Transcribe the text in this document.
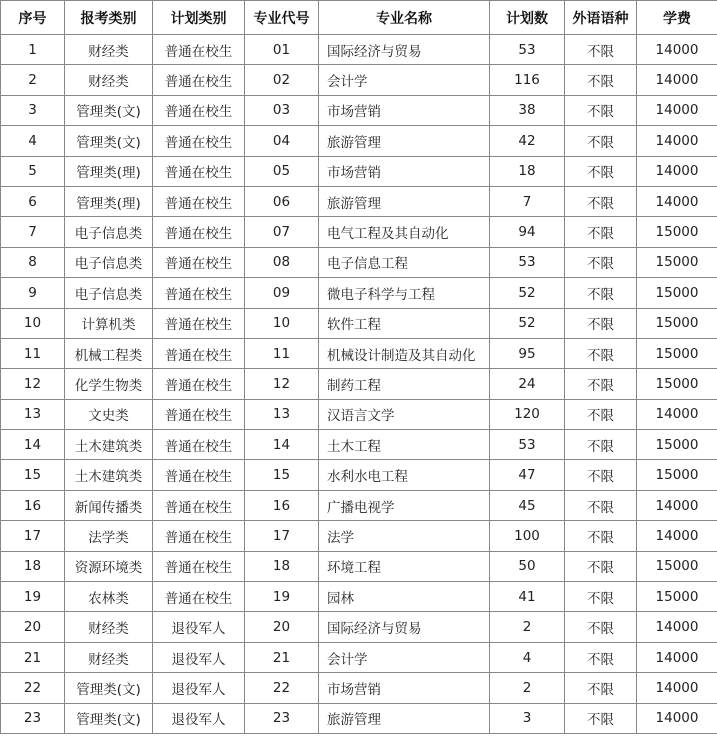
序号	报考类别	计划类别	专业代号	专业名称	计划数	外语语种	学费
1	财经类	普通在校生	01	国际经济与贸易	53	不限	14000
2	财经类	普通在校生	02	会计学	116	不限	14000
3	管理类(文)	普通在校生	03	市场营销	38	不限	14000
4	管理类(文)	普通在校生	04	旅游管理	42	不限	14000
5	管理类(理)	普通在校生	05	市场营销	18	不限	14000
6	管理类(理)	普通在校生	06	旅游管理	7	不限	14000
7	电子信息类	普通在校生	07	电气工程及其自动化	94	不限	15000
8	电子信息类	普通在校生	08	电子信息工程	53	不限	15000
9	电子信息类	普通在校生	09	微电子科学与工程	52	不限	15000
10	计算机类	普通在校生	10	软件工程	52	不限	15000
11	机械工程类	普通在校生	11	机械设计制造及其自动化	95	不限	15000
12	化学生物类	普通在校生	12	制药工程	24	不限	15000
13	文史类	普通在校生	13	汉语言文学	120	不限	14000
14	土木建筑类	普通在校生	14	土木工程	53	不限	15000
15	土木建筑类	普通在校生	15	水利水电工程	47	不限	15000
16	新闻传播类	普通在校生	16	广播电视学	45	不限	14000
17	法学类	普通在校生	17	法学	100	不限	14000
18	资源环境类	普通在校生	18	环境工程	50	不限	15000
19	农林类	普通在校生	19	园林	41	不限	15000
20	财经类	退役军人	20	国际经济与贸易	2	不限	14000
21	财经类	退役军人	21	会计学	4	不限	14000
22	管理类(文)	退役军人	22	市场营销	2	不限	14000
23	管理类(文)	退役军人	23	旅游管理	3	不限	14000
